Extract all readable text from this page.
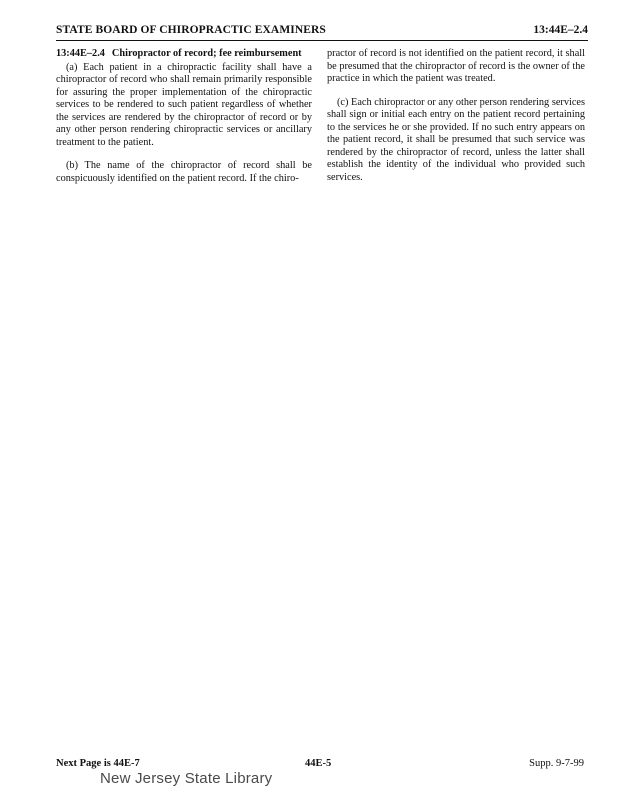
STATE BOARD OF CHIROPRACTIC EXAMINERS	13:44E–2.4

13:44E–2.4 Chiropractor of record; fee reimbursement

(a) Each patient in a chiropractic facility shall have a chiropractor of record who shall remain primarily responsible for assuring the proper implementation of the chiropractic services to be rendered to such patient regardless of whether the services are rendered by the chiropractor of record or by any other person rendering chiropractic services or ancillary treatment to the patient.

(b) The name of the chiropractor of record shall be conspicuously identified on the patient record. If the chiro-

practor of record is not identified on the patient record, it shall be presumed that the chiropractor of record is the owner of the practice in which the patient was treated.

(c) Each chiropractor or any other person rendering services shall sign or initial each entry on the patient record pertaining to the services he or she provided. If no such entry appears on the patient record, it shall be presumed that such service was rendered by the chiropractor of record, unless the latter shall establish the identity of the individual who provided such services.

Next Page is 44E-7	44E-5	Supp. 9-7-99
New Jersey State Library
